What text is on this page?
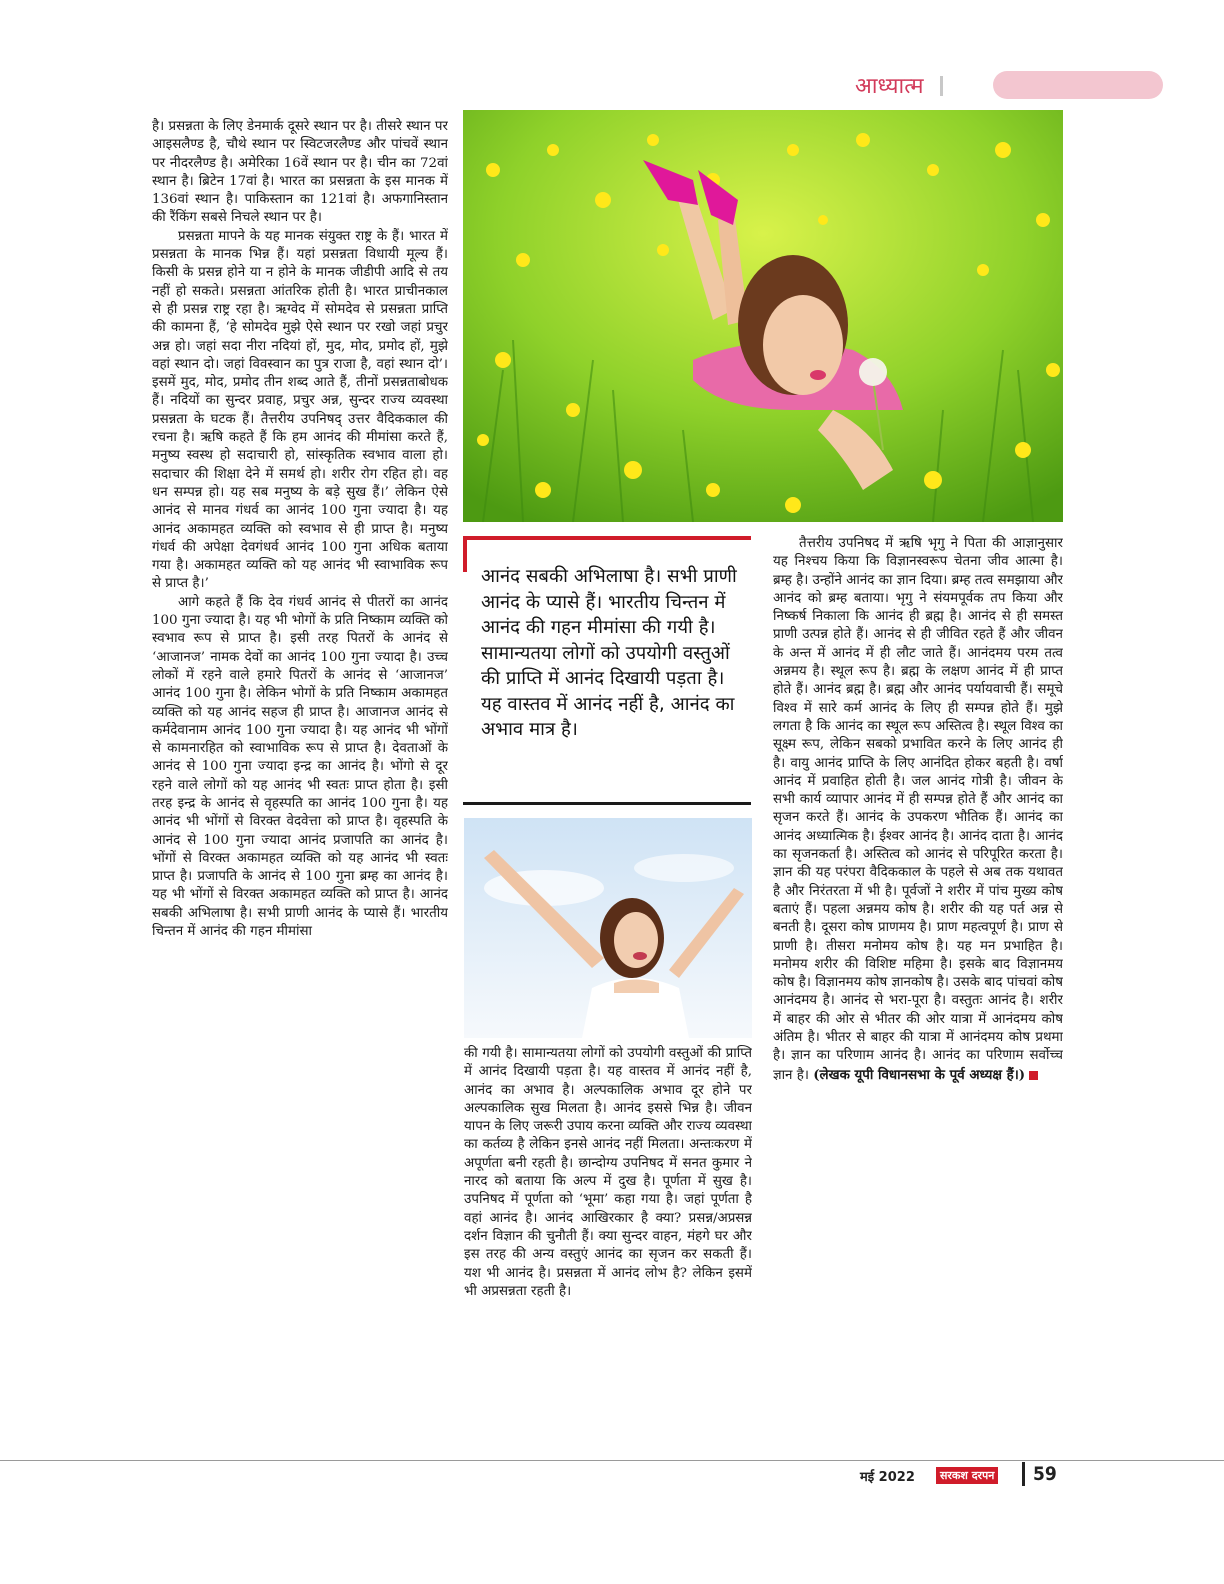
आध्यात्म

है। प्रसन्नता के लिए डेनमार्क दूसरे स्थान पर है। तीसरे स्थान पर आइसलैण्ड है, चौथे स्थान पर स्विटजरलैण्ड और पांचवें स्थान पर नीदरलैण्ड है। अमेरिका 16वें स्थान पर है। चीन का 72वां स्थान है। ब्रिटेन 17वां है। भारत का प्रसन्नता के इस मानक में 136वां स्थान है। पाकिस्तान का 121वां है। अफगानिस्तान की रैंकिंग सबसे निचले स्थान पर है।

प्रसन्नता मापने के यह मानक संयुक्त राष्ट्र के हैं। भारत में प्रसन्नता के मानक भिन्न हैं। यहां प्रसन्नता विधायी मूल्य हैं। किसी के प्रसन्न होने या न होने के मानक जीडीपी आदि से तय नहीं हो सकते। प्रसन्नता आंतरिक होती है। भारत प्राचीनकाल से ही प्रसन्न राष्ट्र रहा है। ऋग्वेद में सोमदेव से प्रसन्नता प्राप्ति की कामना हैं, ‘हे सोमदेव मुझे ऐसे स्थान पर रखो जहां प्रचुर अन्न हो। जहां सदा नीरा नदियां हों, मुद, मोद, प्रमोद हों, मुझे वहां स्थान दो। जहां विवस्वान का पुत्र राजा है, वहां स्थान दो’। इसमें मुद, मोद, प्रमोद तीन शब्द आते हैं, तीनों प्रसन्नताबोधक हैं। नदियों का सुन्दर प्रवाह, प्रचुर अन्न, सुन्दर राज्य व्यवस्था प्रसन्नता के घटक हैं। तैत्तरीय उपनिषद् उत्तर वैदिककाल की रचना है। ऋषि कहते हैं कि हम आनंद की मीमांसा करते हैं, मनुष्य स्वस्थ हो सदाचारी हो, सांस्कृतिक स्वभाव वाला हो। सदाचार की शिक्षा देने में समर्थ हो। शरीर रोग रहित हो। वह धन सम्पन्न हो। यह सब मनुष्य के बड़े सुख हैं।’ लेकिन ऐसे आनंद से मानव गंधर्व का आनंद 100 गुना ज्यादा है। यह आनंद अकामहत व्यक्ति को स्वभाव से ही प्राप्त है। मनुष्य गंधर्व की अपेक्षा देवगंधर्व आनंद 100 गुना अधिक बताया गया है। अकामहत व्यक्ति को यह आनंद भी स्वाभाविक रूप से प्राप्त है।’

आगे कहते हैं कि देव गंधर्व आनंद से पीतरों का आनंद 100 गुना ज्यादा है। यह भी भोगों के प्रति निष्काम व्यक्ति को स्वभाव रूप से प्राप्त है। इसी तरह पितरों के आनंद से ‘आजानज’ नामक देवों का आनंद 100 गुना ज्यादा है। उच्च लोकों में रहने वाले हमारे पितरों के आनंद से ‘आजानज’ आनंद 100 गुना है। लेकिन भोगों के प्रति निष्काम अकामहत व्यक्ति को यह आनंद सहज ही प्राप्त है। आजानज आनंद से कर्मदेवानाम आनंद 100 गुना ज्यादा है। यह आनंद भी भोंगों से कामनारहित को स्वाभाविक रूप से प्राप्त है। देवताओं के आनंद से 100 गुना ज्यादा इन्द्र का आनंद है। भोंगो से दूर रहने वाले लोगों को यह आनंद भी स्वतः प्राप्त होता है। इसी तरह इन्द्र के आनंद से वृहस्पति का आनंद 100 गुना है। यह आनंद भी भोंगों से विरक्त वेदवेत्ता को प्राप्त है। वृहस्पति के आनंद से 100 गुना ज्यादा आनंद प्रजापति का आनंद है। भोंगों से विरक्त अकामहत व्यक्ति को यह आनंद भी स्वतः प्राप्त है। प्रजापति के आनंद से 100 गुना ब्रम्ह का आनंद है। यह भी भोंगों से विरक्त अकामहत व्यक्ति को प्राप्त है। आनंद सबकी अभिलाषा है। सभी प्राणी आनंद के प्यासे हैं। भारतीय चिन्तन में आनंद की गहन मीमांसा

आनंद सबकी अभिलाषा है। सभी प्राणी आनंद के प्यासे हैं। भारतीय चिन्तन में आनंद की गहन मीमांसा की गयी है। सामान्यतया लोगों को उपयोगी वस्तुओं की प्राप्ति में आनंद दिखायी पड़ता है। यह वास्तव में आनंद नहीं है, आनंद का अभाव मात्र है।

की गयी है। सामान्यतया लोगों को उपयोगी वस्तुओं की प्राप्ति में आनंद दिखायी पड़ता है। यह वास्तव में आनंद नहीं है, आनंद का अभाव है। अल्पकालिक अभाव दूर होने पर अल्पकालिक सुख मिलता है। आनंद इससे भिन्न है। जीवन यापन के लिए जरूरी उपाय करना व्यक्ति और राज्य व्यवस्था का कर्तव्य है लेकिन इनसे आनंद नहीं मिलता। अन्तःकरण में अपूर्णता बनी रहती है। छान्दोग्य उपनिषद में सनत कुमार ने नारद को बताया कि अल्प में दुख है। पूर्णता में सुख है। उपनिषद में पूर्णता को ‘भूमा’ कहा गया है। जहां पूर्णता है वहां आनंद है। आनंद आखिरकार है क्या? प्रसन्न/अप्रसन्न दर्शन विज्ञान की चुनौती हैं। क्या सुन्दर वाहन, मंहगे घर और इस तरह की अन्य वस्तुएं आनंद का सृजन कर सकती हैं। यश भी आनंद है। प्रसन्नता में आनंद लोभ है? लेकिन इसमें भी अप्रसन्नता रहती है।

तैत्तरीय उपनिषद में ऋषि भृगु ने पिता की आज्ञानुसार यह निश्चय किया कि विज्ञानस्वरूप चेतना जीव आत्मा है। ब्रम्ह है। उन्होंने आनंद का ज्ञान दिया। ब्रम्ह तत्व समझाया और आनंद को ब्रम्ह बताया। भृगु ने संयमपूर्वक तप किया और निष्कर्ष निकाला कि आनंद ही ब्रह्म है। आनंद से ही समस्त प्राणी उत्पन्न होते हैं। आनंद से ही जीवित रहते हैं और जीवन के अन्त में आनंद में ही लौट जाते हैं। आनंदमय परम तत्व अन्नमय है। स्थूल रूप है। ब्रह्म के लक्षण आनंद में ही प्राप्त होते हैं। आनंद ब्रह्म है। ब्रह्म और आनंद पर्यायवाची हैं। समूचे विश्व में सारे कर्म आनंद के लिए ही सम्पन्न होते हैं। मुझे लगता है कि आनंद का स्थूल रूप अस्तित्व है। स्थूल विश्व का सूक्ष्म रूप, लेकिन सबको प्रभावित करने के लिए आनंद ही है। वायु आनंद प्राप्ति के लिए आनंदित होकर बहती है। वर्षा आनंद में प्रवाहित होती है। जल आनंद गोत्री है। जीवन के सभी कार्य व्यापार आनंद में ही सम्पन्न होते हैं और आनंद का सृजन करते हैं। आनंद के उपकरण भौतिक हैं। आनंद का आनंद अध्यात्मिक है। ईश्वर आनंद है। आनंद दाता है। आनंद का सृजनकर्ता है। अस्तित्व को आनंद से परिपूरित करता है। ज्ञान की यह परंपरा वैदिककाल के पहले से अब तक यथावत है और निरंतरता में भी है। पूर्वजों ने शरीर में पांच मुख्य कोष बताएं हैं। पहला अन्नमय कोष है। शरीर की यह पर्त अन्न से बनती है। दूसरा कोष प्राणमय है। प्राण महत्वपूर्ण है। प्राण से प्राणी है। तीसरा मनोमय कोष है। यह मन प्रभाहित है। मनोमय शरीर की विशिष्ट महिमा है। इसके बाद विज्ञानमय कोष है। विज्ञानमय कोष ज्ञानकोष है। उसके बाद पांचवां कोष आनंदमय है। आनंद से भरा-पूरा है। वस्तुतः आनंद है। शरीर में बाहर की ओर से भीतर की ओर यात्रा में आनंदमय कोष अंतिम है। भीतर से बाहर की यात्रा में आनंदमय कोष प्रथमा है। ज्ञान का परिणाम आनंद है। आनंद का परिणाम सर्वोच्च ज्ञान है। (लेखक यूपी विधानसभा के पूर्व अध्यक्ष हैं।)

मई 2022	सरकश दरपन 59
